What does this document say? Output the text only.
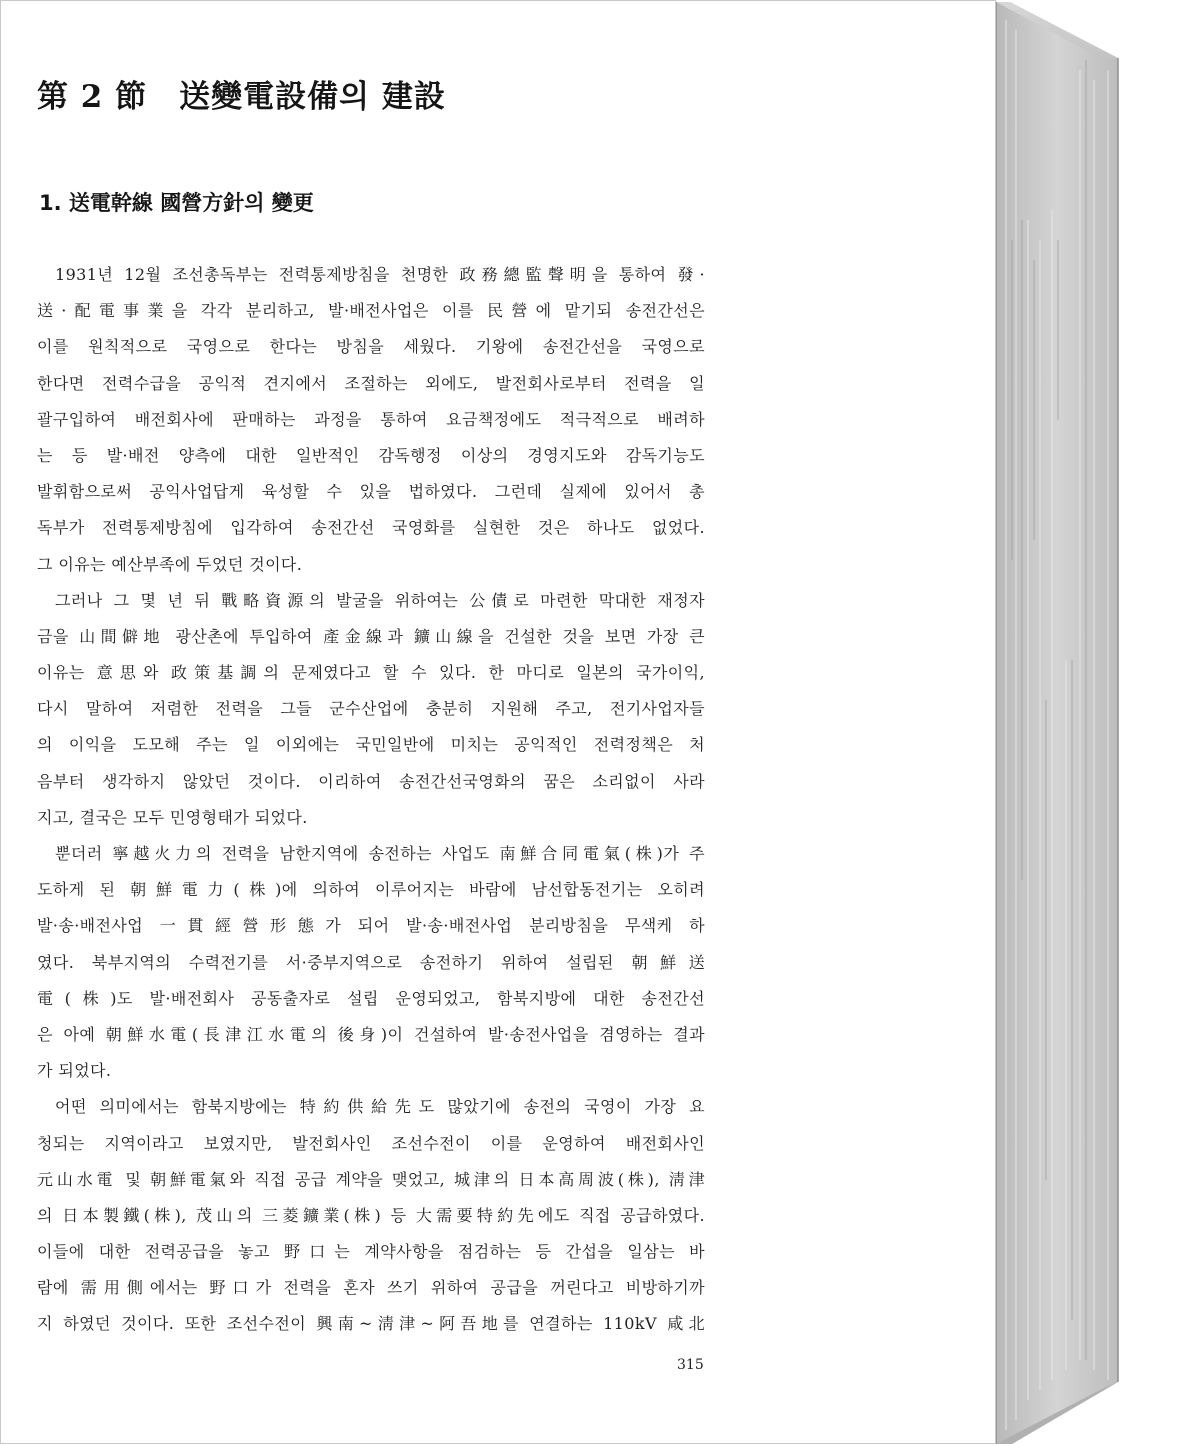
第 2 節　送變電設備의 建設
1. 送電幹線 國營方針의 變更
1931년 12월 조선총독부는 전력통제방침을 천명한 政務總監聲明을 통하여 發·
送·配電事業을 각각 분리하고, 발·배전사업은 이를 民營에 맡기되 송전간선은
이를 원칙적으로 국영으로 한다는 방침을 세웠다. 기왕에 송전간선을 국영으로
한다면 전력수급을 공익적 견지에서 조절하는 외에도, 발전회사로부터 전력을 일
괄구입하여 배전회사에 판매하는 과정을 통하여 요금책정에도 적극적으로 배려하
는 등 발·배전 양측에 대한 일반적인 감독행정 이상의 경영지도와 감독기능도
발휘함으로써 공익사업답게 육성할 수 있을 법하였다. 그런데 실제에 있어서 총
독부가 전력통제방침에 입각하여 송전간선 국영화를 실현한 것은 하나도 없었다.
그 이유는 예산부족에 두었던 것이다.
그러나 그 몇 년 뒤 戰略資源의 발굴을 위하여는 公債로 마련한 막대한 재정자
금을 山間僻地 광산촌에 투입하여 產金線과 鑛山線을 건설한 것을 보면 가장 큰
이유는 意思와 政策基調의 문제였다고 할 수 있다. 한 마디로 일본의 국가이익,
다시 말하여 저렴한 전력을 그들 군수산업에 충분히 지원해 주고, 전기사업자들
의 이익을 도모해 주는 일 이외에는 국민일반에 미치는 공익적인 전력정책은 처
음부터 생각하지 않았던 것이다. 이리하여 송전간선국영화의 꿈은 소리없이 사라
지고, 결국은 모두 민영형태가 되었다.
뿐더러 寧越火力의 전력을 남한지역에 송전하는 사업도 南鮮合同電氣(株)가 주
도하게 된 朝鮮電力(株)에 의하여 이루어지는 바람에 남선합동전기는 오히려
발·송·배전사업 一貫經營形態가 되어 발·송·배전사업 분리방침을 무색케 하
였다. 북부지역의 수력전기를 서·중부지역으로 송전하기 위하여 설립된 朝鮮送
電(株)도 발·배전회사 공동출자로 설립 운영되었고, 함북지방에 대한 송전간선
은 아예 朝鮮水電(長津江水電의 後身)이 건설하여 발·송전사업을 겸영하는 결과
가 되었다.
어떤 의미에서는 함북지방에는 特約供給先도 많았기에 송전의 국영이 가장 요
청되는 지역이라고 보였지만, 발전회사인 조선수전이 이를 운영하여 배전회사인
元山水電 및 朝鮮電氣와 직접 공급 계약을 맺었고, 城津의 日本高周波(株), 淸津
의 日本製鐵(株), 茂山의 三菱鑛業(株) 등 大需要特約先에도 직접 공급하였다.
이들에 대한 전력공급을 놓고 野口는 계약사항을 점검하는 등 간섭을 일삼는 바
람에 需用側에서는 野口가 전력을 혼자 쓰기 위하여 공급을 꺼린다고 비방하기까
지 하였던 것이다. 또한 조선수전이 興南~淸津~阿吾地를 연결하는 110kV 咸北
315
